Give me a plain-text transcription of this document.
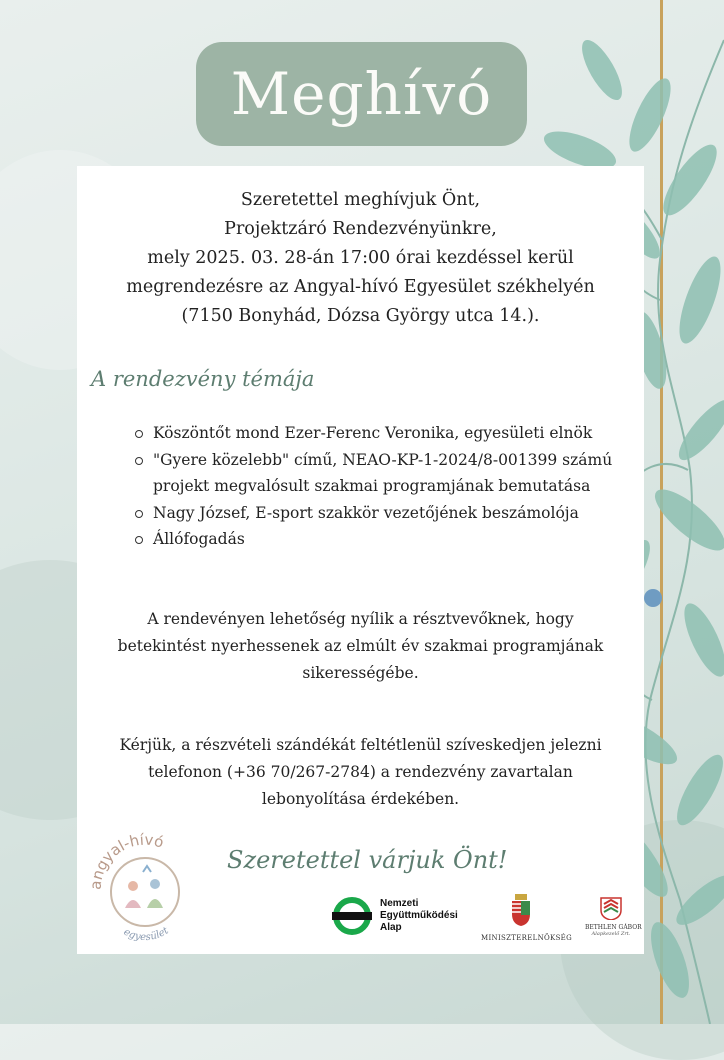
Meghívó
Szeretettel meghívjuk Önt,
Projektzáró Rendezvényünkre,
mely 2025. 03. 28-án 17:00 órai kezdéssel kerül
megrendezésre az Angyal-hívó Egyesület székhelyén
(7150 Bonyhád, Dózsa György utca 14.).
A rendezvény témája
Köszöntőt mond Ezer-Ferenc Veronika, egyesületi elnök
"Gyere közelebb" című, NEAO-KP-1-2024/8-001399 számú projekt megvalósult szakmai programjának bemutatása
Nagy József, E-sport szakkör vezetőjének beszámolója
Állófogadás
A rendevényen lehetőség nyílik a résztvevőknek, hogy
betekintést nyerhessenek az elmúlt év szakmai programjának
sikerességébe.
Kérjük, a részvételi szándékát feltétlenül szíveskedjen jelezni
telefonon (+36 70/267-2784) a rendezvény zavartalan
lebonyolítása érdekében.
angyal-hívó
egyesület
Szeretettel várjuk Önt!
Nemzeti
Együttműködési
Alap
MINISZTERELNÖKSÉG
BETHLEN GÁBOR
Alapkezelő Zrt.
